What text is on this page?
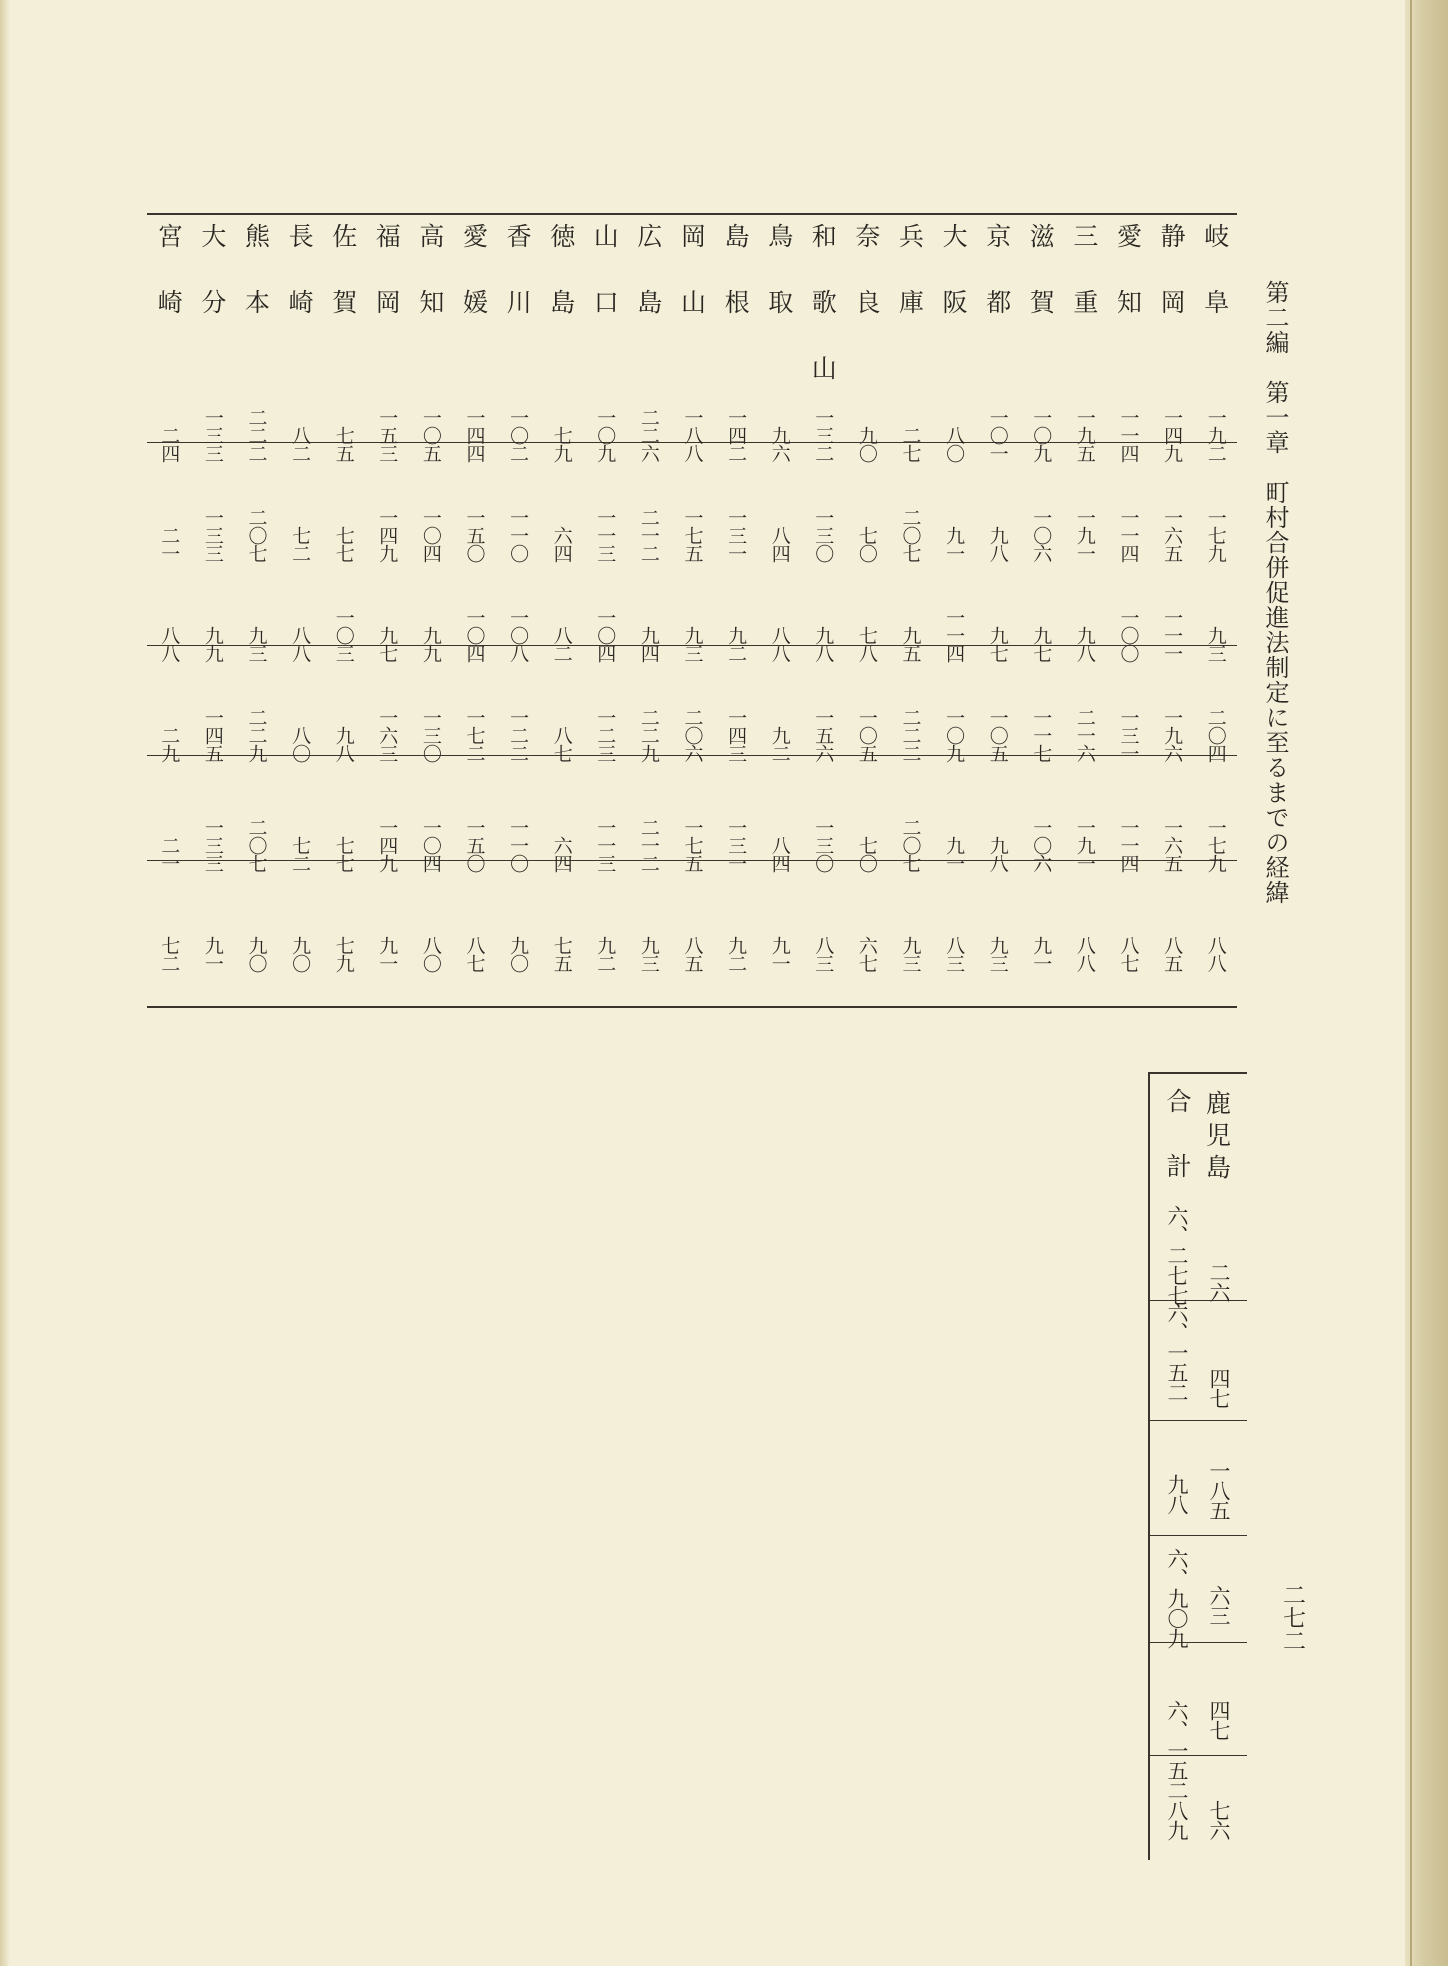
第二編　第一章　町村合併促進法制定に至るまでの経緯
岐阜
一九二
一七九
九三
二〇四
一七九
八八
静岡
一四九
一六五
一一一
一九六
一六五
八五
愛知
一一四
一一四
一〇〇
一三一
一一四
八七
三重
一九五
一九一
九八
二一六
一九一
八八
滋賀
一〇九
一〇六
九七
一一七
一〇六
九一
京都
一〇一
九八
九七
一〇五
九八
九三
大阪
八〇
九一
一一四
一〇九
九一
八三
兵庫
二七
二〇七
九五
二二二
二〇七
九三
奈良
九〇
七〇
七八
一〇五
七〇
六七
和歌山
一三二
一三〇
九八
一五六
一三〇
八三
鳥取
九六
八四
八八
九二
八四
九一
島根
一四二
一三一
九二
一四三
一三一
九二
岡山
一八八
一七五
九三
二〇六
一七五
八五
広島
二二六
二一二
九四
二二九
二一二
九三
山口
一〇九
一一三
一〇四
一二三
一一三
九二
徳島
七九
六四
八二
八七
六四
七五
香川
一〇二
一一〇
一〇八
一二二
一一〇
九〇
愛媛
一四四
一五〇
一〇四
一七二
一五〇
八七
高知
一〇五
一〇四
九九
一三〇
一〇四
八〇
福岡
一五三
一四九
九七
一六三
一四九
九一
佐賀
七五
七七
一〇三
九八
七七
七九
長崎
八二
七二
八八
八〇
七二
九〇
熊本
二二二
二〇七
九三
二二九
二〇七
九〇
大分
一三三
一三三
九九
一四五
一三三
九一
宮崎
二四
二一
八八
二九
二一
七二
鹿児島
二六
四七
一八五
六三
四七
七六
合計
六、二七七
六、一五二
九八
六、九〇九
六、一五二
八九
二七二
